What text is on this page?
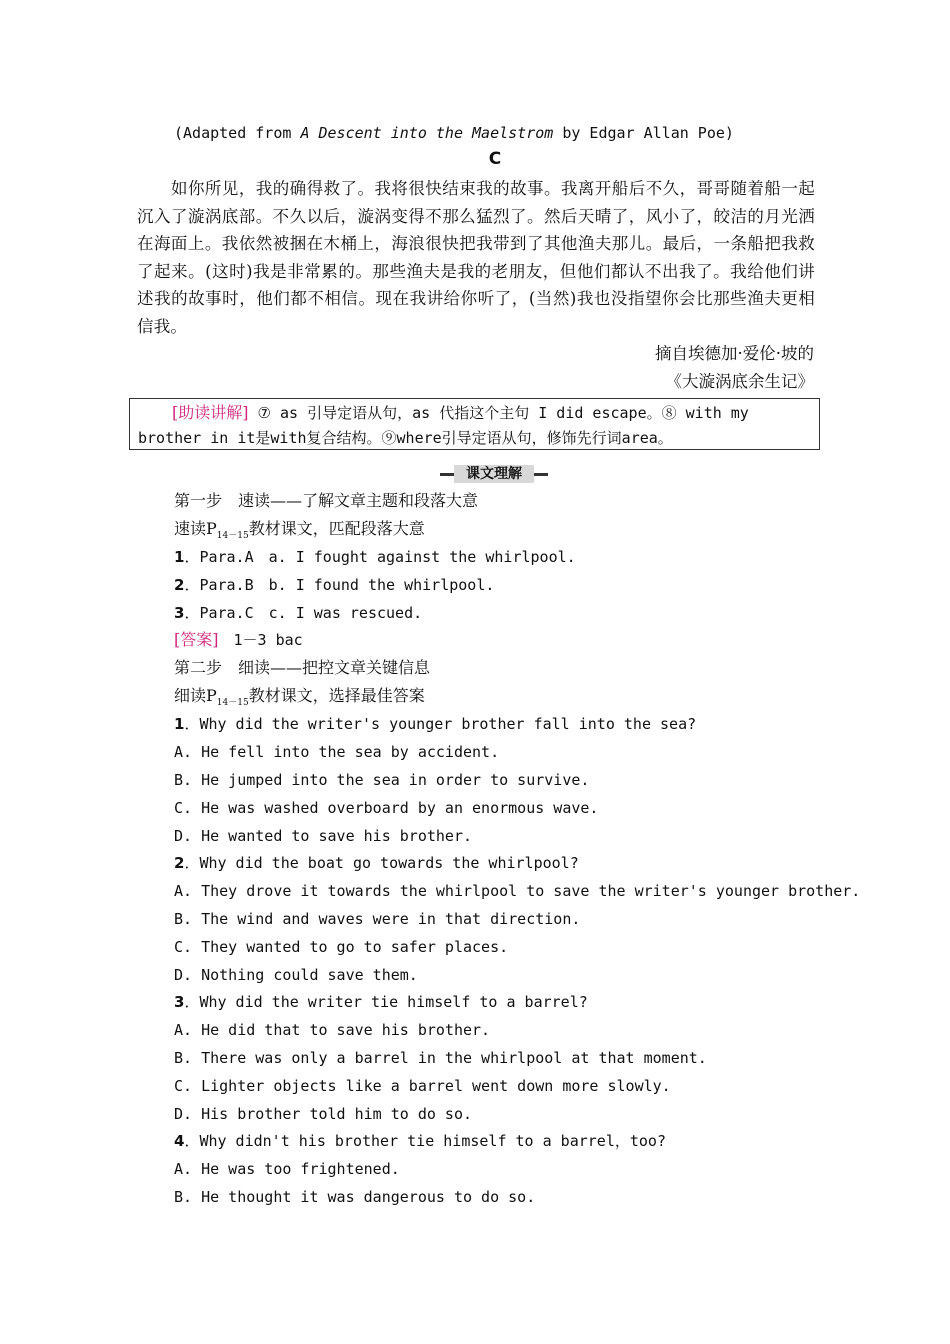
(Adapted from A Descent into the Maelstrom by Edgar Allan Poe)
C
如你所见，我的确得救了。我将很快结束我的故事。我离开船后不久，哥哥随着船一起沉入了漩涡底部。不久以后，漩涡变得不那么猛烈了。然后天晴了，风小了，皎洁的月光洒在海面上。我依然被捆在木桶上，海浪很快把我带到了其他渔夫那儿。最后，一条船把我救了起来。(这时)我是非常累的。那些渔夫是我的老朋友，但他们都认不出我了。我给他们讲述我的故事时，他们都不相信。现在我讲给你听了，(当然)我也没指望你会比那些渔夫更相信我。
摘自埃德加·爱伦·坡的
《大漩涡底余生记》
[助读讲解] ⑦ as 引导定语从句，as 代指这个主句 I did escape。⑧ with my
brother in it是with复合结构。⑨where引导定语从句，修饰先行词area。
课文理解
第一步　速读——了解文章主题和段落大意
速读$P_{14-15}$教材课文，匹配段落大意
1．Para.A　a. I fought against the whirlpool.
2．Para.B　b. I found the whirlpool.
3．Para.C　c. I was rescued.
[答案]　1－3 bac
第二步　细读——把控文章关键信息
细读$P_{14-15}$教材课文，选择最佳答案
1．Why did the writer's younger brother fall into the sea?
A. He fell into the sea by accident.
B. He jumped into the sea in order to survive.
C. He was washed overboard by an enormous wave.
D. He wanted to save his brother.
2．Why did the boat go towards the whirlpool?
A. They drove it towards the whirlpool to save the writer's younger brother.
B. The wind and waves were in that direction.
C. They wanted to go to safer places.
D. Nothing could save them.
3．Why did the writer tie himself to a barrel?
A. He did that to save his brother.
B. There was only a barrel in the whirlpool at that moment.
C. Lighter objects like a barrel went down more slowly.
D. His brother told him to do so.
4．Why didn't his brother tie himself to a barrel，too?
A. He was too frightened.
B. He thought it was dangerous to do so.
